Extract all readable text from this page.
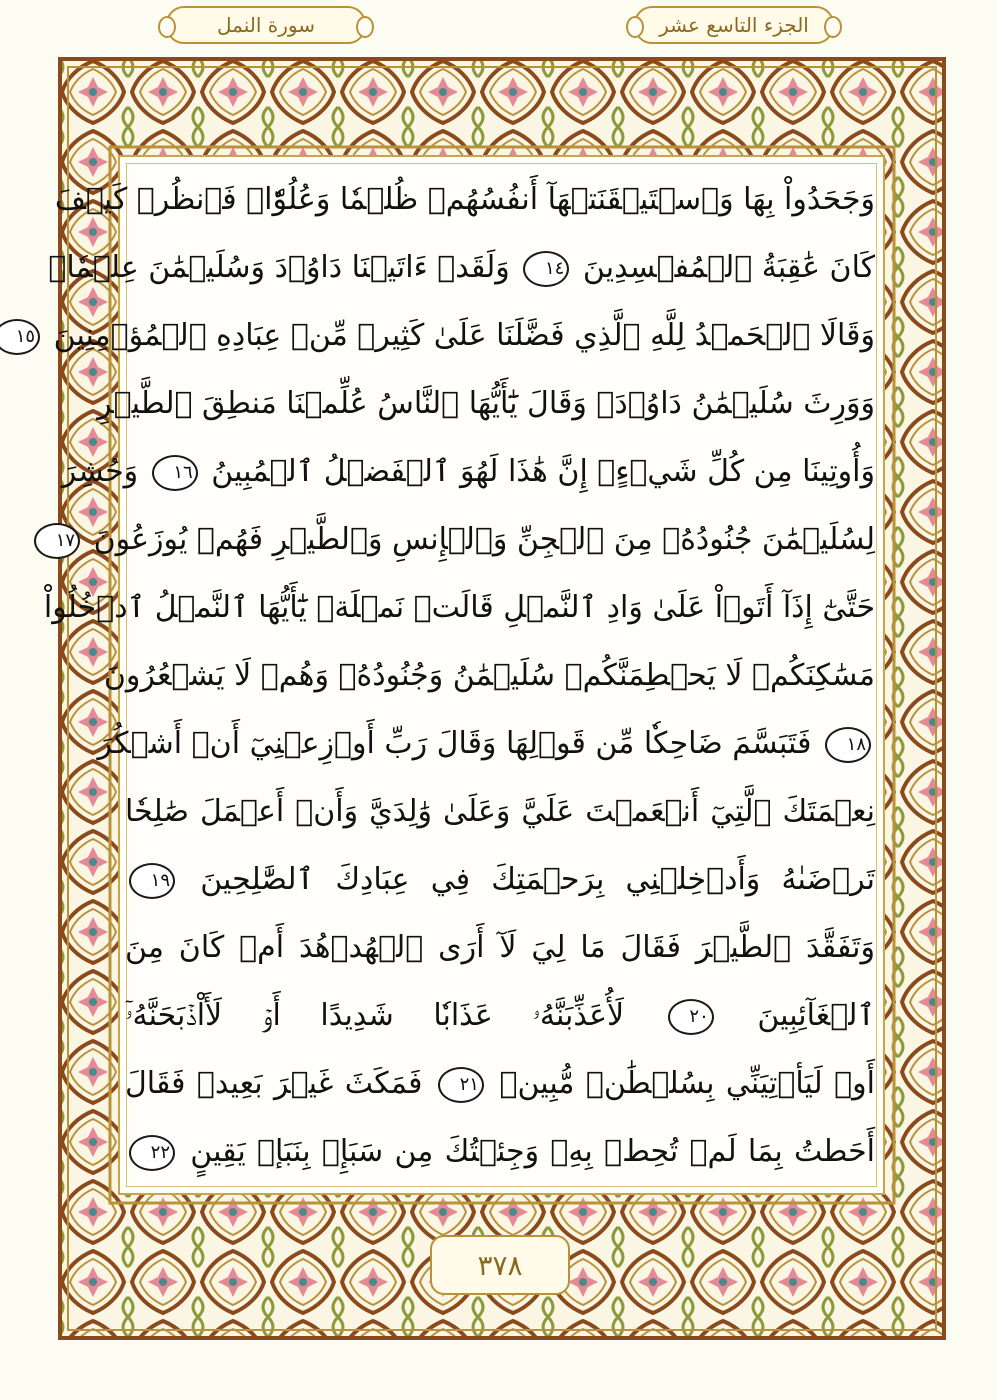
سورة النمل	الجزء التاسع عشر
وَجَحَدُواْ بِهَا وَٱسۡتَيۡقَنَتۡهَآ أَنفُسُهُمۡ ظُلۡمٗا وَعُلُوّٗاۚ فَٱنظُرۡ كَيۡفَ
كَانَ عَٰقِبَةُ ٱلۡمُفۡسِدِينَ ١٤ وَلَقَدۡ ءَاتَيۡنَا دَاوُۥدَ وَسُلَيۡمَٰنَ عِلۡمٗاۖ
وَقَالَا ٱلۡحَمۡدُ لِلَّهِ ٱلَّذِي فَضَّلَنَا عَلَىٰ كَثِيرٖ مِّنۡ عِبَادِهِ ٱلۡمُؤۡمِنِينَ ١٥
وَوَرِثَ سُلَيۡمَٰنُ دَاوُۥدَۖ وَقَالَ يَٰٓأَيُّهَا ٱلنَّاسُ عُلِّمۡنَا مَنطِقَ ٱلطَّيۡرِ
وَأُوتِينَا مِن كُلِّ شَيۡءٍۖ إِنَّ هَٰذَا لَهُوَ ٱلۡفَضۡلُ ٱلۡمُبِينُ ١٦ وَحُشِرَ
لِسُلَيۡمَٰنَ جُنُودُهُۥ مِنَ ٱلۡجِنِّ وَٱلۡإِنسِ وَٱلطَّيۡرِ فَهُمۡ يُوزَعُونَ ١٧
حَتَّىٰٓ إِذَآ أَتَوۡاْ عَلَىٰ وَادِ ٱلنَّمۡلِ قَالَتۡ نَمۡلَةٞ يَٰٓأَيُّهَا ٱلنَّمۡلُ ٱدۡخُلُواْ
مَسَٰكِنَكُمۡ لَا يَحۡطِمَنَّكُمۡ سُلَيۡمَٰنُ وَجُنُودُهُۥ وَهُمۡ لَا يَشۡعُرُونَ
١٨ فَتَبَسَّمَ ضَاحِكٗا مِّن قَوۡلِهَا وَقَالَ رَبِّ أَوۡزِعۡنِيٓ أَنۡ أَشۡكُرَ
نِعۡمَتَكَ ٱلَّتِيٓ أَنۡعَمۡتَ عَلَيَّ وَعَلَىٰ وَٰلِدَيَّ وَأَنۡ أَعۡمَلَ صَٰلِحٗا
تَرۡضَىٰهُ وَأَدۡخِلۡنِي بِرَحۡمَتِكَ فِي عِبَادِكَ ٱلصَّٰلِحِينَ ١٩
وَتَفَقَّدَ ٱلطَّيۡرَ فَقَالَ مَا لِيَ لَآ أَرَى ٱلۡهُدۡهُدَ أَمۡ كَانَ مِنَ
ٱلۡغَآئِبِينَ ٢٠ لَأُعَذِّبَنَّهُۥ عَذَابٗا شَدِيدًا أَوۡ لَأَاْذۡبَحَنَّهُۥٓ
أَوۡ لَيَأۡتِيَنِّي بِسُلۡطَٰنٖ مُّبِينٖ ٢١ فَمَكَثَ غَيۡرَ بَعِيدٖ فَقَالَ
أَحَطتُ بِمَا لَمۡ تُحِطۡ بِهِۦ وَجِئۡتُكَ مِن سَبَإِۭ بِنَبَإٖ يَقِينٍ ٢٢
٣٧٨
